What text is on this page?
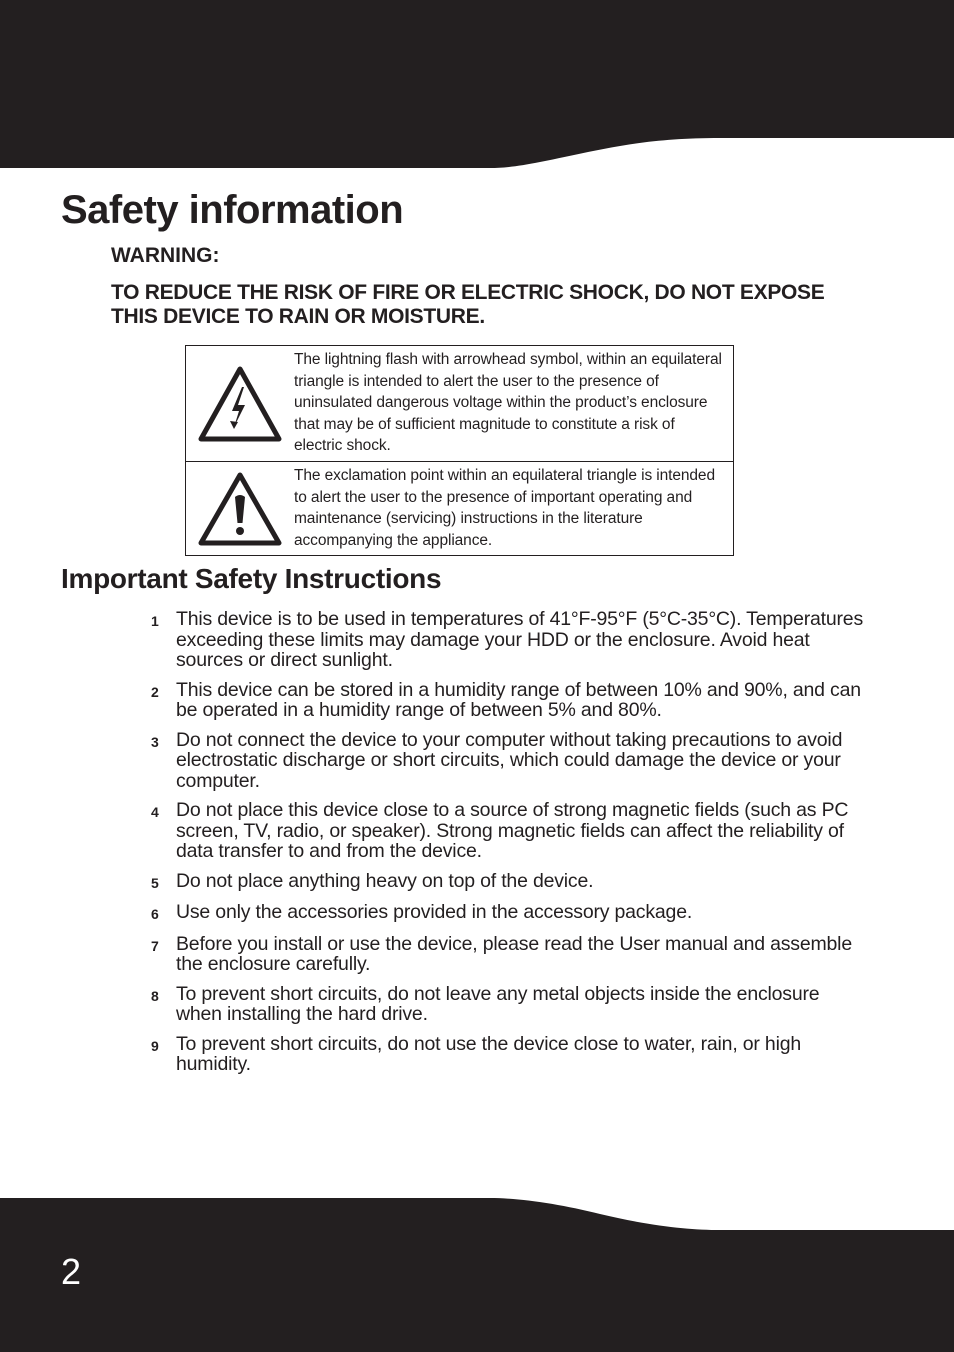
Safety information
WARNING:
TO REDUCE THE RISK OF FIRE OR ELECTRIC SHOCK, DO NOT EXPOSE THIS DEVICE TO RAIN OR MOISTURE.
The lightning flash with arrowhead symbol, within an equilateral triangle is intended to alert the user to the presence of uninsulated dangerous voltage within the product’s enclosure that may be of sufficient magnitude to constitute a risk of electric shock.
The exclamation point within an equilateral triangle is intended to alert the user to the presence of important operating and maintenance (servicing) instructions in the literature accompanying the appliance.
Important Safety Instructions
1 This device is to be used in temperatures of 41°F-95°F (5°C-35°C). Temperatures exceeding these limits may damage your HDD or the enclosure. Avoid heat sources or direct sunlight.
2 This device can be stored in a humidity range of between 10% and 90%, and can be operated in a humidity range of between 5% and 80%.
3 Do not connect the device to your computer without taking precautions to avoid electrostatic discharge or short circuits, which could damage the device or your computer.
4 Do not place this device close to a source of strong magnetic fields (such as PC screen, TV, radio, or speaker). Strong magnetic fields can affect the reliability of data transfer to and from the device.
5 Do not place anything heavy on top of the device.
6 Use only the accessories provided in the accessory package.
7 Before you install or use the device, please read the User manual and assemble the enclosure carefully.
8 To prevent short circuits, do not leave any metal objects inside the enclosure when installing the hard drive.
9 To prevent short circuits, do not use the device close to water, rain, or high humidity.
2
